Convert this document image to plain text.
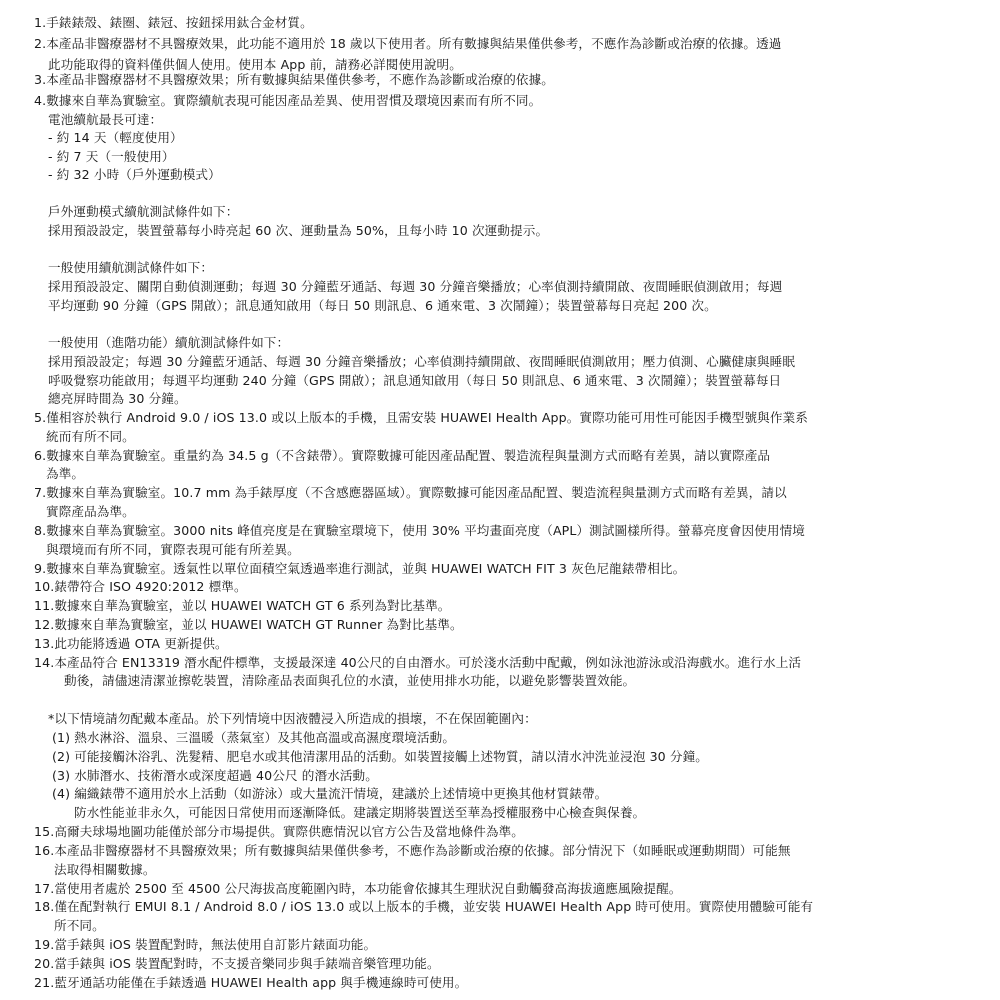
1.手錶錶殼、錶圈、錶冠、按鈕採用鈦合金材質。
2.本產品非醫療器材不具醫療效果，此功能不適用於 18 歲以下使用者。所有數據與結果僅供參考，不應作為診斷或治療的依據。透過
此功能取得的資料僅供個人使用。使用本 App 前，請務必詳閱使用說明。
3.本產品非醫療器材不具醫療效果；所有數據與結果僅供參考，不應作為診斷或治療的依據。
4.數據來自華為實驗室。實際續航表現可能因產品差異、使用習慣及環境因素而有所不同。
電池續航最長可達：
- 約 14 天（輕度使用）
- 約 7 天（一般使用）
- 約 32 小時（戶外運動模式）
戶外運動模式續航測試條件如下：
採用預設設定，裝置螢幕每小時亮起 60 次、運動量為 50%，且每小時 10 次運動提示。
一般使用續航測試條件如下：
採用預設設定、關閉自動偵測運動；每週 30 分鐘藍牙通話、每週 30 分鐘音樂播放；心率偵測持續開啟、夜間睡眠偵測啟用；每週
平均運動 90 分鐘（GPS 開啟）；訊息通知啟用（每日 50 則訊息、6 通來電、3 次鬧鐘）；裝置螢幕每日亮起 200 次。
一般使用（進階功能）續航測試條件如下：
採用預設設定；每週 30 分鐘藍牙通話、每週 30 分鐘音樂播放；心率偵測持續開啟、夜間睡眠偵測啟用；壓力偵測、心臟健康與睡眠
呼吸覺察功能啟用；每週平均運動 240 分鐘（GPS 開啟）；訊息通知啟用（每日 50 則訊息、6 通來電、3 次鬧鐘）；裝置螢幕每日
總亮屏時間為 30 分鐘。
5.僅相容於執行 Android 9.0 / iOS 13.0 或以上版本的手機，且需安裝 HUAWEI Health App。實際功能可用性可能因手機型號與作業系
統而有所不同。
6.數據來自華為實驗室。重量約為 34.5 g（不含錶帶）。實際數據可能因產品配置、製造流程與量測方式而略有差異，請以實際產品
為準。
7.數據來自華為實驗室。10.7 mm 為手錶厚度（不含感應器區域）。實際數據可能因產品配置、製造流程與量測方式而略有差異，請以
實際產品為準。
8.數據來自華為實驗室。3000 nits 峰值亮度是在實驗室環境下，使用 30% 平均畫面亮度（APL）測試圖樣所得。螢幕亮度會因使用情境
與環境而有所不同，實際表現可能有所差異。
9.數據來自華為實驗室。透氣性以單位面積空氣透過率進行測試，並與 HUAWEI WATCH FIT 3 灰色尼龍錶帶相比。
10.錶帶符合 ISO 4920:2012 標準。
11.數據來自華為實驗室，並以 HUAWEI WATCH GT 6 系列為對比基準。
12.數據來自華為實驗室，並以 HUAWEI WATCH GT Runner 為對比基準。
13.此功能將透過 OTA 更新提供。
14.本產品符合 EN13319 潛水配件標準，支援最深達 40公尺的自由潛水。可於淺水活動中配戴，例如泳池游泳或沿海戲水。進行水上活
動後，請儘速清潔並擦乾裝置，清除產品表面與孔位的水漬，並使用排水功能，以避免影響裝置效能。
*以下情境請勿配戴本產品。於下列情境中因液體浸入所造成的損壞，不在保固範圍內：
(1) 熱水淋浴、溫泉、三溫暖（蒸氣室）及其他高溫或高濕度環境活動。
(2) 可能接觸沐浴乳、洗髮精、肥皂水或其他清潔用品的活動。如裝置接觸上述物質，請以清水沖洗並浸泡 30 分鐘。
(3) 水肺潛水、技術潛水或深度超過 40公尺 的潛水活動。
(4) 編織錶帶不適用於水上活動（如游泳）或大量流汗情境，建議於上述情境中更換其他材質錶帶。
防水性能並非永久，可能因日常使用而逐漸降低。建議定期將裝置送至華為授權服務中心檢查與保養。
15.高爾夫球場地圖功能僅於部分市場提供。實際供應情況以官方公告及當地條件為準。
16.本產品非醫療器材不具醫療效果；所有數據與結果僅供參考，不應作為診斷或治療的依據。部分情況下（如睡眠或運動期間）可能無
法取得相關數據。
17.當使用者處於 2500 至 4500 公尺海拔高度範圍內時，本功能會依據其生理狀況自動觸發高海拔適應風險提醒。
18.僅在配對執行 EMUI 8.1 / Android 8.0 / iOS 13.0 或以上版本的手機，並安裝 HUAWEI Health App 時可使用。實際使用體驗可能有
所不同。
19.當手錶與 iOS 裝置配對時，無法使用自訂影片錶面功能。
20.當手錶與 iOS 裝置配對時，不支援音樂同步與手錶端音樂管理功能。
21.藍牙通話功能僅在手錶透過 HUAWEI Health app 與手機連線時可使用。
